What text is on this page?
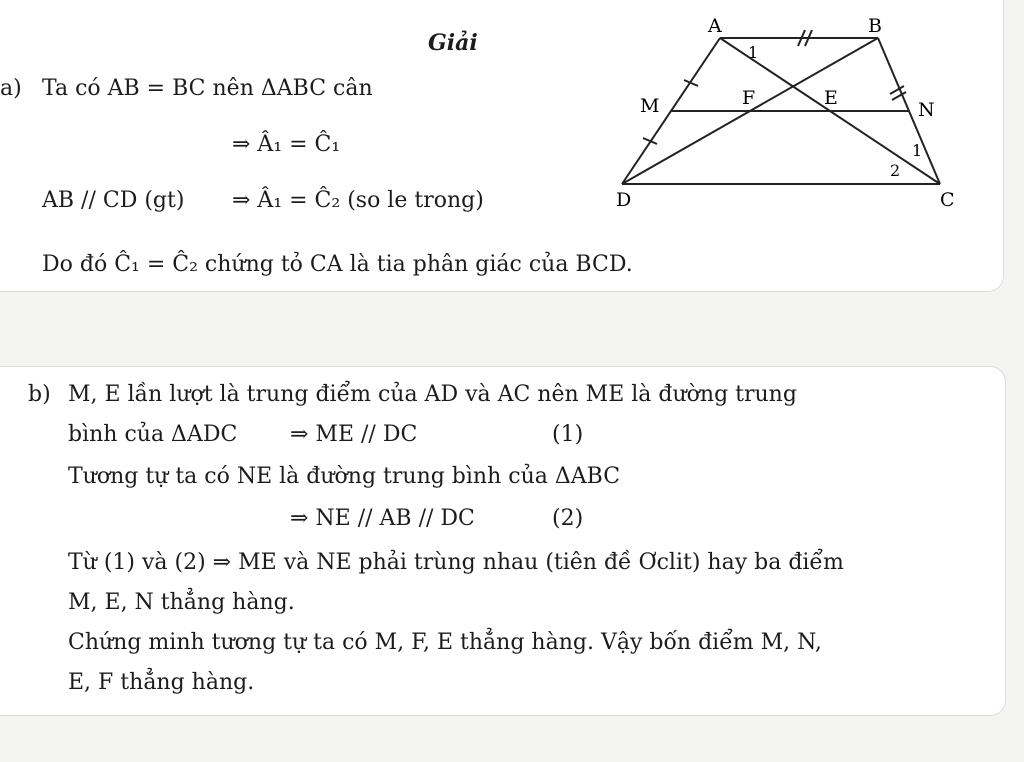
Giải
a) Ta có AB = BC nên ΔABC cân
⇒ Â₁ = Ĉ₁
AB // CD (gt) ⇒ Â₁ = Ĉ₂ (so le trong)
Do đó Ĉ₁ = Ĉ₂ chứng tỏ CA là tia phân giác của BCD.
A	B
C
D
M	N
E
F
1
1
2
b) M, E lần lượt là trung điểm của AD và AC nên ME là đường trung
bình của ΔADC ⇒ ME // DC	(1)
Tương tự ta có NE là đường trung bình của ΔABC
⇒ NE // AB // DC	(2)
Từ (1) và (2) ⇒ ME và NE phải trùng nhau (tiên đề Ơclit) hay ba điểm
M, E, N thẳng hàng.
Chứng minh tương tự ta có M, F, E thẳng hàng. Vậy bốn điểm M, N,
E, F thẳng hàng.
